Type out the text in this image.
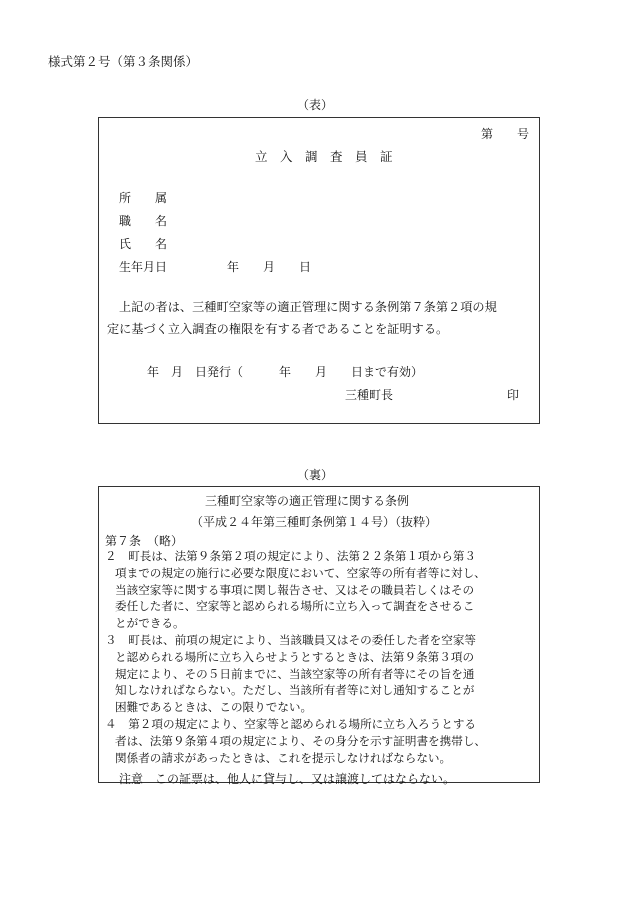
様式第２号（第３条関係）
（表）
第　　号
立　入　調　査　員　証
所　　属
職　　名
氏　　名
生年月日	年　　月　　日
上記の者は、三種町空家等の適正管理に関する条例第７条第２項の規
定に基づく立入調査の権限を有する者であることを証明する。
年　月　日発行（　　　年　　月　　日まで有効）
三種町長	印
（裏）
三種町空家等の適正管理に関する条例
（平成２４年第三種町条例第１４号）（抜粋）
第７条　（略）
２　町長は、法第９条第２項の規定により、法第２２条第１項から第３
項までの規定の施行に必要な限度において、空家等の所有者等に対し、
当該空家等に関する事項に関し報告させ、又はその職員若しくはその
委任した者に、空家等と認められる場所に立ち入って調査をさせるこ
とができる。
３　町長は、前項の規定により、当該職員又はその委任した者を空家等
と認められる場所に立ち入らせようとするときは、法第９条第３項の
規定により、その５日前までに、当該空家等の所有者等にその旨を通
知しなければならない。ただし、当該所有者等に対し通知することが
困難であるときは、この限りでない。
４　第２項の規定により、空家等と認められる場所に立ち入ろうとする
者は、法第９条第４項の規定により、その身分を示す証明書を携帯し、
関係者の請求があったときは、これを提示しなければならない。
注意　この証票は、他人に貸与し、又は譲渡してはならない。
